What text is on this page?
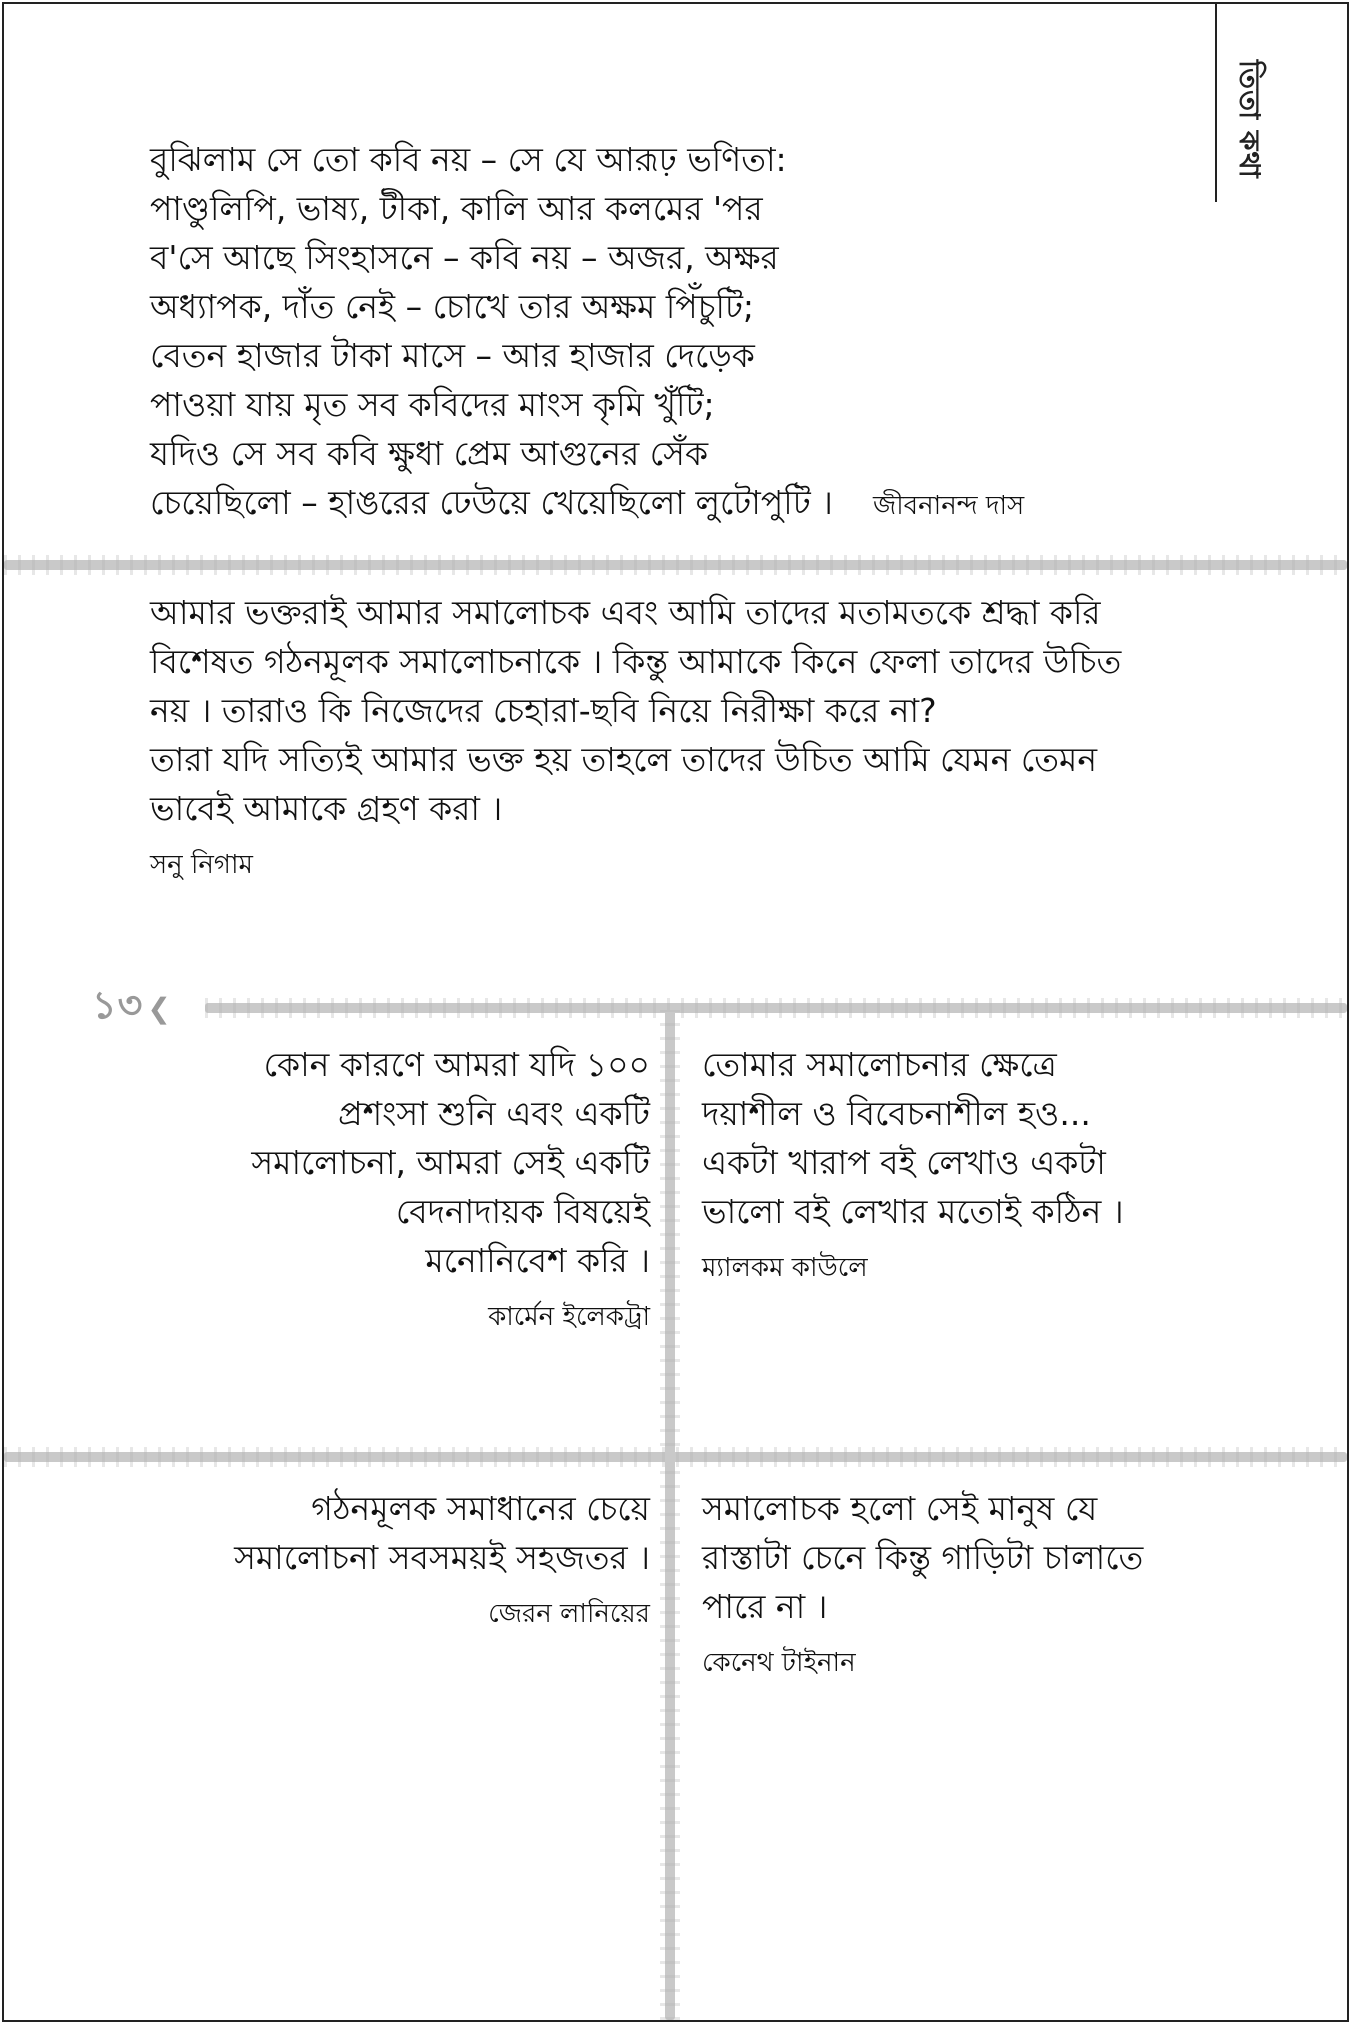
তিতা কথা
বুঝিলাম সে তো কবি নয় – সে যে আরূঢ় ভণিতা:
পাণ্ডুলিপি, ভাষ্য, টীকা, কালি আর কলমের 'পর
ব'সে আছে সিংহাসনে – কবি নয় – অজর, অক্ষর
অধ্যাপক, দাঁত নেই – চোখে তার অক্ষম পিঁচুটি;
বেতন হাজার টাকা মাসে – আর হাজার দেড়েক
পাওয়া যায় মৃত সব কবিদের মাংস কৃমি খুঁটি;
যদিও সে সব কবি ক্ষুধা প্রেম আগুনের সেঁক
চেয়েছিলো – হাঙরের ঢেউয়ে খেয়েছিলো লুটোপুটি । জীবনানন্দ দাস

আমার ভক্তরাই আমার সমালোচক এবং আমি তাদের মতামতকে শ্রদ্ধা করি বিশেষত গঠনমূলক সমালোচনাকে । কিন্তু আমাকে কিনে ফেলা তাদের উচিত নয় । তারাও কি নিজেদের চেহারা-ছবি নিয়ে নিরীক্ষা করে না?

তারা যদি সত্যিই আমার ভক্ত হয় তাহলে তাদের উচিত আমি যেমন তেমন ভাবেই আমাকে গ্রহণ করা ।

সনু নিগাম
১৩ ❮

কোন কারণে আমরা যদি ১০০

প্রশংসা শুনি এবং একটি

সমালোচনা, আমরা সেই একটি

বেদনাদায়ক বিষয়েই

মনোনিবেশ করি ।

কার্মেন ইলেকট্রা

তোমার সমালোচনার ক্ষেত্রে

দয়াশীল ও বিবেচনাশীল হও...

একটা খারাপ বই লেখাও একটা

ভালো বই লেখার মতোই কঠিন ।

ম্যালকম কাউলে

গঠনমূলক সমাধানের চেয়ে

সমালোচনা সবসময়ই সহজতর ।

জেরন লানিয়ের

সমালোচক হলো সেই মানুষ যে

রাস্তাটা চেনে কিন্তু গাড়িটা চালাতে

পারে না ।

কেনেথ টাইনান
